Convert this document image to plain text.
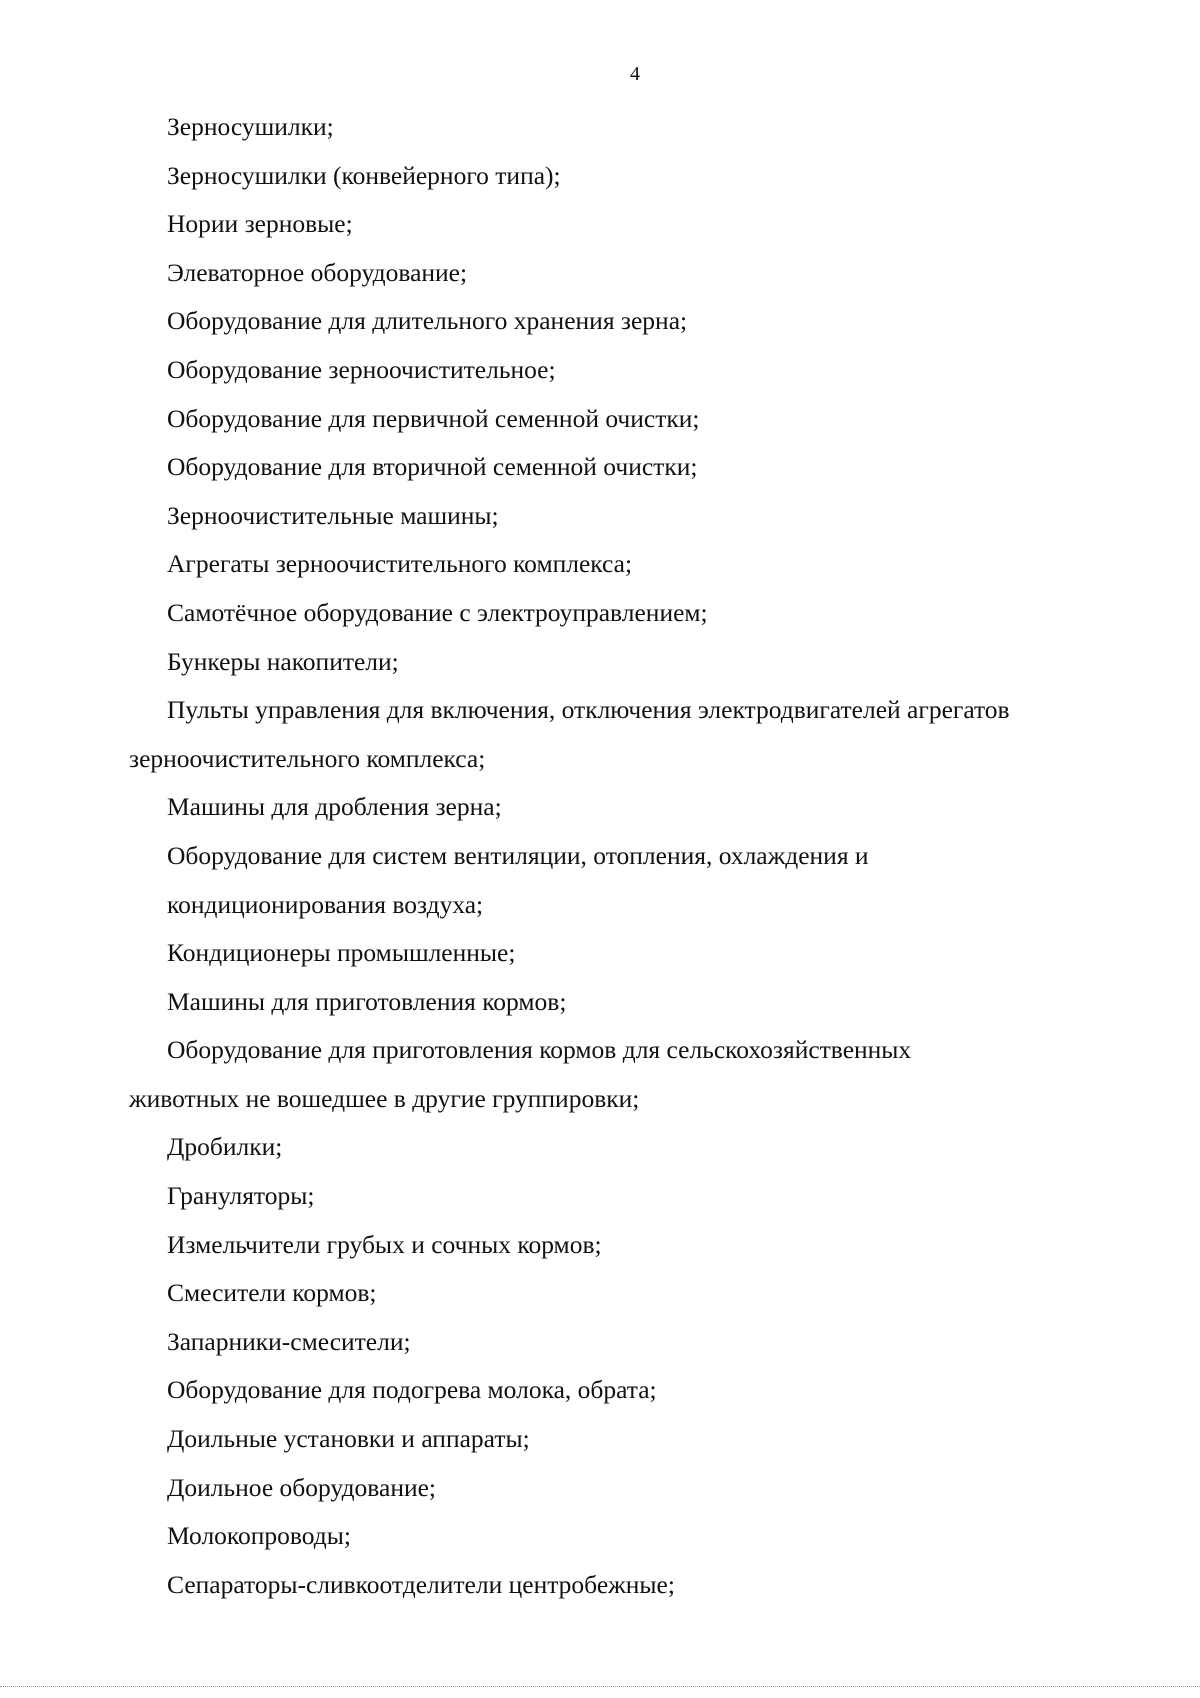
4
Зерносушилки;
Зерносушилки (конвейерного типа);
Нории зерновые;
Элеваторное оборудование;
Оборудование для длительного хранения зерна;
Оборудование зерноочистительное;
Оборудование для первичной семенной очистки;
Оборудование для вторичной семенной очистки;
Зерноочистительные машины;
Агрегаты зерноочистительного комплекса;
Самотёчное оборудование с электроуправлением;
Бункеры накопители;
Пульты управления для включения, отключения электродвигателей агрегатов
зерноочистительного комплекса;
Машины для дробления зерна;
Оборудование для систем вентиляции, отопления, охлаждения и
кондиционирования воздуха;
Кондиционеры промышленные;
Машины для приготовления кормов;
Оборудование для приготовления кормов для сельскохозяйственных
животных не вошедшее в другие группировки;
Дробилки;
Грануляторы;
Измельчители грубых и сочных кормов;
Смесители кормов;
Запарники-смесители;
Оборудование для подогрева молока, обрата;
Доильные установки и аппараты;
Доильное оборудование;
Молокопроводы;
Сепараторы-сливкоотделители центробежные;
